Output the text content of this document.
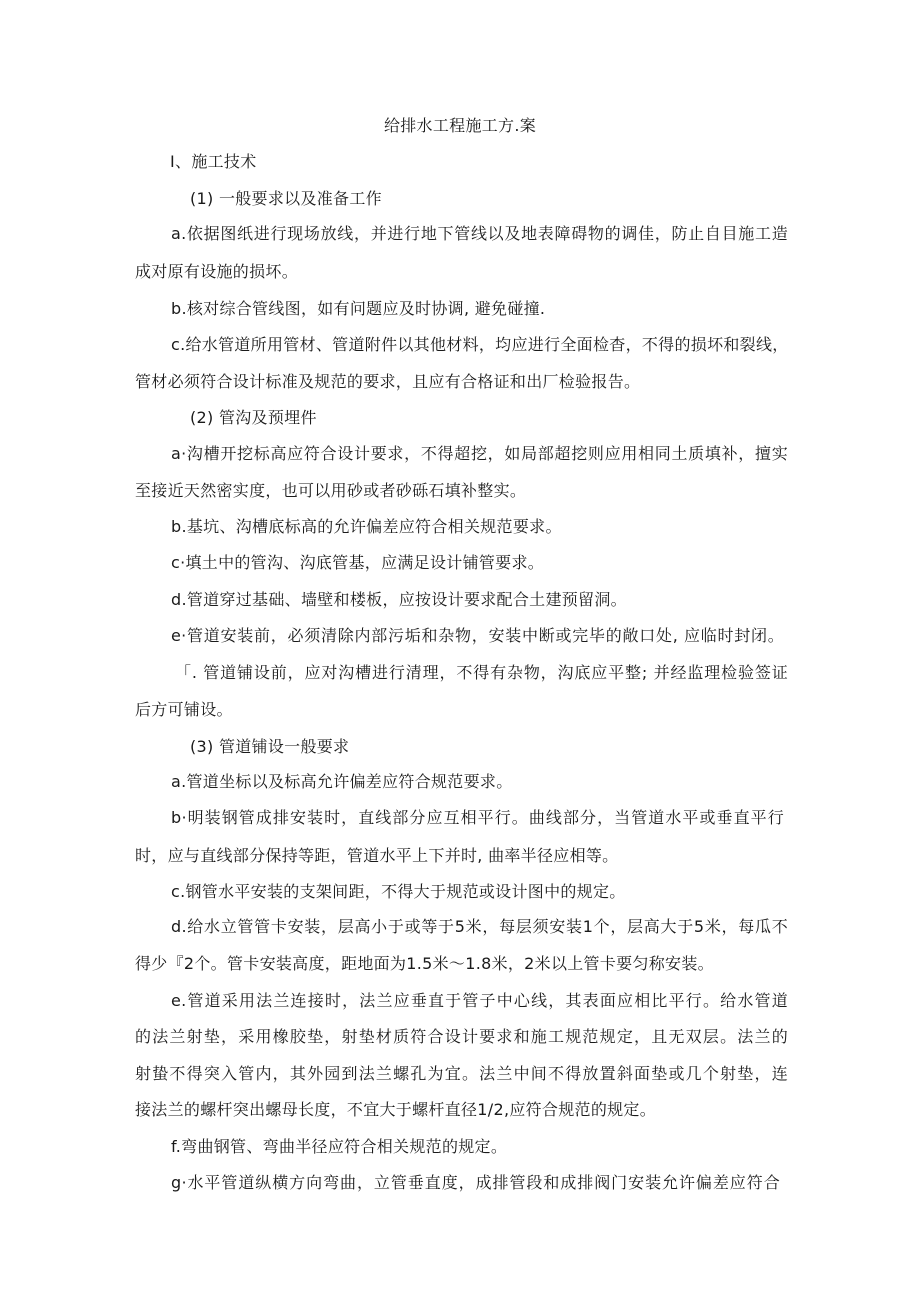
给排水工程施工方.案

I、施工技术

(1) 一般要求以及准备工作

a.依据图纸进行现场放线，并进行地下管线以及地表障碍物的调佳，防止自目施工造

成对原有设施的损坏。

b.核对综合管线图，如有问题应及时协调, 避免碰撞.

c.给水管道所用管材、管道附件以其他材料，均应进行全面检杳，不得的损坏和裂线，

管材必须符合设计标准及规范的要求，且应有合格证和出厂检验报告。

(2) 管沟及预埋件

a·沟槽开挖标高应符合设计要求，不得超挖，如局部超挖则应用相同土质填补，擅实

至接近天然密实度，也可以用砂或者砂砾石填补整实。

b.基坑、沟槽底标高的允许偏差应符合相关规范要求。

c·填土中的管沟、沟底管基，应满足设计铺管要求。

d.管道穿过基础、墙壁和楼板，应按设计要求配合土建预留洞。

e·管道安装前，必须清除内部污垢和杂物，安装中断或完毕的敞口处, 应临时封闭。

「. 管道铺设前，应对沟槽进行清理，不得有杂物，沟底应平整; 并经监理检验签证

后方可铺设。

(3) 管道铺设一般要求

a.管道坐标以及标高允许偏差应符合规范要求。

b·明装钢管成排安装时，直线部分应互相平行。曲线部分，当管道水平或垂直平行

时，应与直线部分保持等距，管道水平上下并时, 曲率半径应相等。

c.钢管水平安装的支架间距，不得大于规范或设计图中的规定。

d.给水立管管卡安装，层高小于或等于5米，每层须安装1个，层高大于5米，每瓜不

得少『2个。管卡安装高度，距地面为1.5米～1.8米，2米以上管卡要匀称安装。

e.管道采用法兰连接时，法兰应垂直于管子中心线，其表面应相比平行。给水管道

的法兰射垫，采用橡胶垫，射垫材质符合设计要求和施工规范规定，且无双层。法兰的

射蛰不得突入管内，其外园到法兰螺孔为宜。法兰中间不得放置斜面垫或几个射垫，连

接法兰的螺杆突出螺母长度，不宜大于螺杆直径1/2,应符合规范的规定。

f.弯曲钢管、弯曲半径应符合相关规范的规定。

g·水平管道纵横方向弯曲，立管垂直度，成排管段和成排阀门安装允许偏差应符合
